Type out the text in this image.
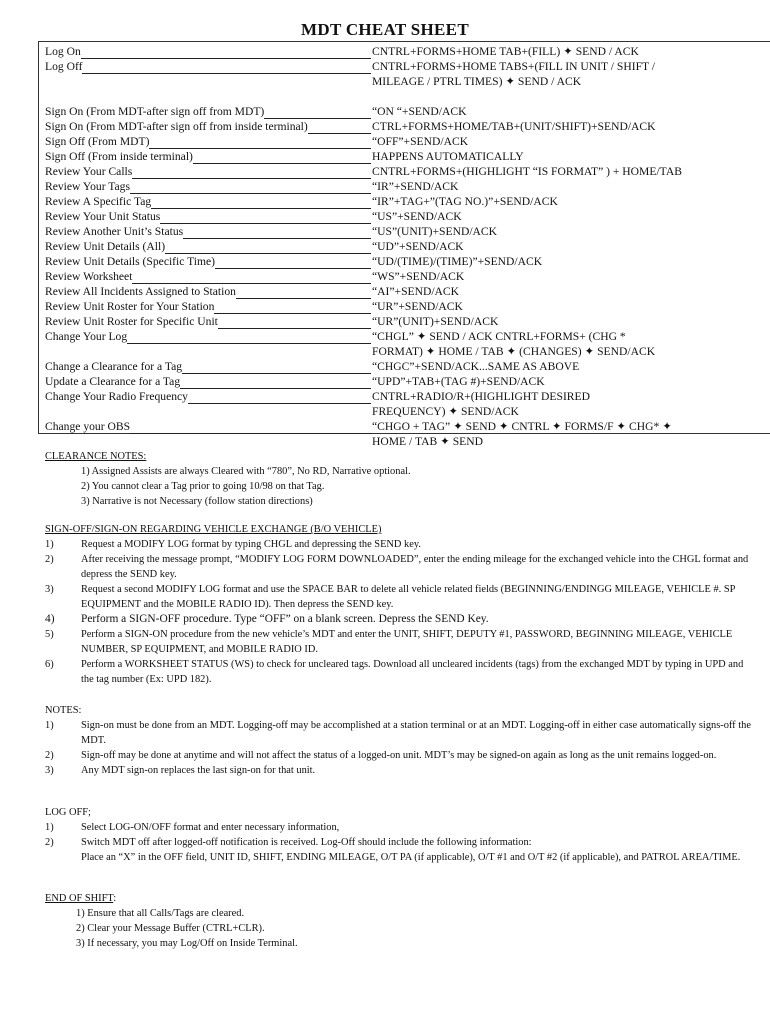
MDT CHEAT SHEET
Log On	CNTRL+FORMS+HOME TAB+(FILL) ✦ SEND / ACK
Log Off	CNTRL+FORMS+HOME TABS+(FILL IN UNIT / SHIFT /
MILEAGE / PTRL TIMES) ✦ SEND / ACK
Sign On (From MDT-after sign off from MDT)	“ON “+SEND/ACK
Sign On (From MDT-after sign off from inside terminal)	CTRL+FORMS+HOME/TAB+(UNIT/SHIFT)+SEND/ACK
Sign Off (From MDT)	“OFF”+SEND/ACK
Sign Off (From inside terminal)	HAPPENS AUTOMATICALLY
Review Your Calls	CNTRL+FORMS+(HIGHLIGHT “IS FORMAT” ) + HOME/TAB
Review Your Tags	“IR”+SEND/ACK
Review A Specific Tag	“IR”+TAG+”(TAG NO.)”+SEND/ACK
Review Your Unit Status	“US”+SEND/ACK
Review Another Unit’s Status	“US”(UNIT)+SEND/ACK
Review Unit Details (All)	“UD”+SEND/ACK
Review Unit Details (Specific Time)	“UD/(TIME)/(TIME)”+SEND/ACK
Review Worksheet	“WS”+SEND/ACK
Review All Incidents Assigned to Station	“AI”+SEND/ACK
Review Unit Roster for Your Station	“UR”+SEND/ACK
Review Unit Roster for Specific Unit	“UR”(UNIT)+SEND/ACK
Change Your Log	“CHGL” ✦ SEND / ACK CNTRL+FORMS+ (CHG *
FORMAT) ✦ HOME / TAB ✦ (CHANGES) ✦ SEND/ACK
Change a Clearance for a Tag	“CHGC”+SEND/ACK...SAME AS ABOVE
Update a Clearance for a Tag	“UPD”+TAB+(TAG #)+SEND/ACK
Change Your Radio Frequency	CNTRL+RADIO/R+(HIGHLIGHT DESIRED
FREQUENCY) ✦ SEND/ACK
Change your OBS	“CHGO + TAG” ✦ SEND ✦ CNTRL ✦ FORMS/F ✦ CHG* ✦
HOME / TAB ✦ SEND
CLEARANCE NOTES:
1) Assigned Assists are always Cleared with “780”, No RD, Narrative optional.
2) You cannot clear a Tag prior to going 10/98 on that Tag.
3) Narrative is not Necessary (follow station directions)
SIGN-OFF/SIGN-ON REGARDING VEHICLE EXCHANGE (B/O VEHICLE)
1)	Request a MODIFY LOG format by typing CHGL and depressing the SEND key.
2)	After receiving the message prompt, “MODIFY LOG FORM DOWNLOADED”, enter the ending mileage for the exchanged vehicle into the CHGL format and depress the SEND key.
3)	Request a second MODIFY LOG format and use the SPACE BAR to delete all vehicle related fields (BEGINNING/ENDINGG MILEAGE, VEHICLE #. SP EQUIPMENT and the MOBILE RADIO ID). Then depress the SEND key.
4)	Perform a SIGN-OFF procedure. Type “OFF” on a blank screen. Depress the SEND Key.
5)	Perform a SIGN-ON procedure from the new vehicle’s MDT and enter the UNIT, SHIFT, DEPUTY #1, PASSWORD, BEGINNING MILEAGE, VEHICLE NUMBER, SP EQUIPMENT, and MOBILE RADIO ID.
6)	Perform a WORKSHEET STATUS (WS) to check for uncleared tags. Download all uncleared incidents (tags) from the exchanged MDT by typing in UPD and the tag number (Ex: UPD 182).
NOTES:
1)	Sign-on must be done from an MDT. Logging-off may be accomplished at a station terminal or at an MDT. Logging-off in either case automatically signs-off the MDT.
2)	Sign-off may be done at anytime and will not affect the status of a logged-on unit. MDT’s may be signed-on again as long as the unit remains logged-on.
3)	Any MDT sign-on replaces the last sign-on for that unit.
LOG OFF;
1)	Select LOG-ON/OFF format and enter necessary information,
2)	Switch MDT off after logged-off notification is received. Log-Off should include the following information:
Place an “X” in the OFF field, UNIT ID, SHIFT, ENDING MILEAGE, O/T PA (if applicable), O/T #1 and O/T #2 (if applicable), and PATROL AREA/TIME.
END OF SHIFT:
1) Ensure that all Calls/Tags are cleared.
2) Clear your Message Buffer (CTRL+CLR).
3) If necessary, you may Log/Off on Inside Terminal.
